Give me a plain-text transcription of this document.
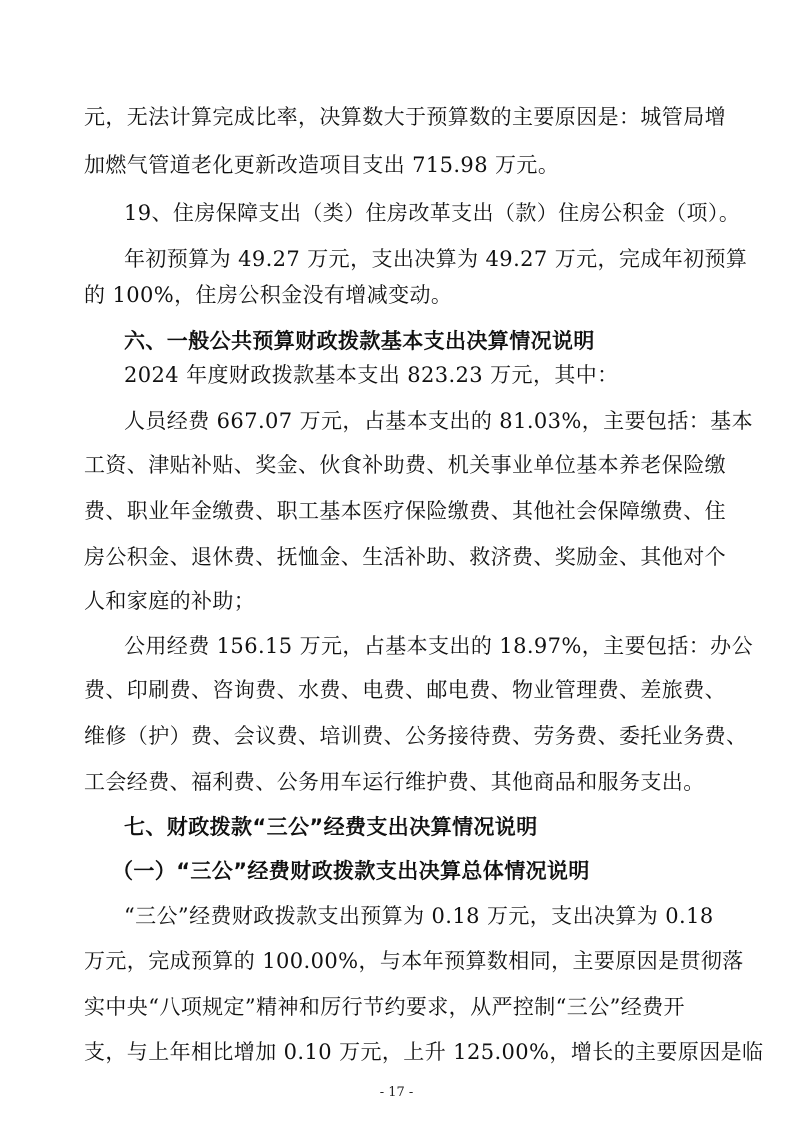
元，无法计算完成比率，决算数大于预算数的主要原因是：城管局增
加燃气管道老化更新改造项目支出 715.98 万元。
19、住房保障支出（类）住房改革支出（款）住房公积金（项）。
年初预算为 49.27 万元，支出决算为 49.27 万元，完成年初预算
的 100%，住房公积金没有增减变动。
六、一般公共预算财政拨款基本支出决算情况说明
2024 年度财政拨款基本支出 823.23 万元，其中：
人员经费 667.07 万元，占基本支出的 81.03%，主要包括：基本
工资、津贴补贴、奖金、伙食补助费、机关事业单位基本养老保险缴
费、职业年金缴费、职工基本医疗保险缴费、其他社会保障缴费、住
房公积金、退休费、抚恤金、生活补助、救济费、奖励金、其他对个
人和家庭的补助；
公用经费 156.15 万元，占基本支出的 18.97%，主要包括：办公
费、印刷费、咨询费、水费、电费、邮电费、物业管理费、差旅费、
维修（护）费、会议费、培训费、公务接待费、劳务费、委托业务费、
工会经费、福利费、公务用车运行维护费、其他商品和服务支出。
七、财政拨款“三公”经费支出决算情况说明
（一）“三公”经费财政拨款支出决算总体情况说明
“三公”经费财政拨款支出预算为 0.18 万元，支出决算为 0.18
万元，完成预算的 100.00%，与本年预算数相同，主要原因是贯彻落
实中央“八项规定”精神和厉行节约要求，从严控制“三公”经费开
支，与上年相比增加 0.10 万元，上升 125.00%，增长的主要原因是临
- 17 -
